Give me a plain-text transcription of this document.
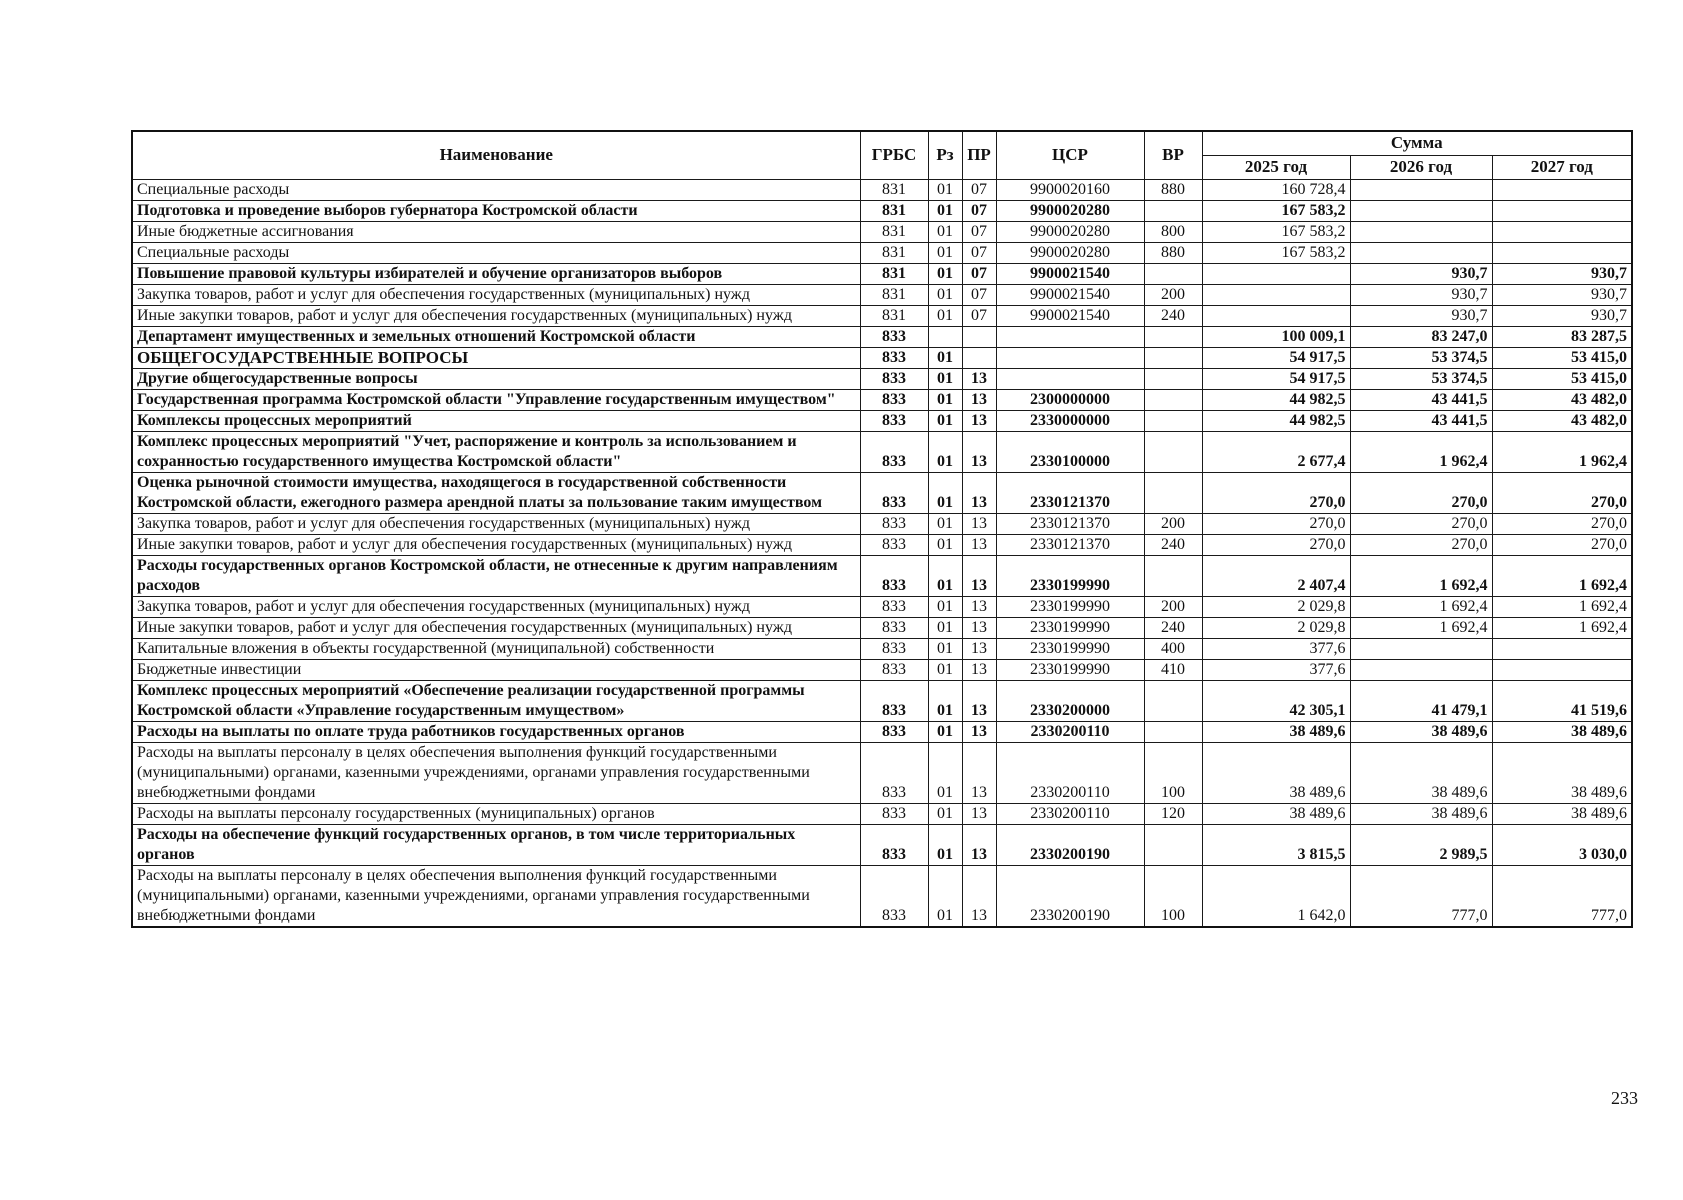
Наименование	ГРБС	Рз	ПР	ЦСР	ВР	Сумма		
						2025 год	2026 год	2027 год
Специальные расходы	831	01	07	9900020160	880	160 728,4		
Подготовка и проведение выборов губернатора Костромской области	831	01	07	9900020280		167 583,2		
Иные бюджетные ассигнования	831	01	07	9900020280	800	167 583,2		
Специальные расходы	831	01	07	9900020280	880	167 583,2		
Повышение правовой культуры избирателей и обучение организаторов выборов	831	01	07	9900021540			930,7	930,7
Закупка товаров, работ и услуг для обеспечения государственных (муниципальных) нужд	831	01	07	9900021540	200		930,7	930,7
Иные закупки товаров, работ и услуг для обеспечения государственных (муниципальных) нужд	831	01	07	9900021540	240		930,7	930,7
Департамент имущественных и земельных отношений Костромской области	833					100 009,1	83 247,0	83 287,5
ОБЩЕГОСУДАРСТВЕННЫЕ ВОПРОСЫ	833	01				54 917,5	53 374,5	53 415,0
Другие общегосударственные вопросы	833	01	13			54 917,5	53 374,5	53 415,0
Государственная программа Костромской области "Управление государственным имуществом"	833	01	13	2300000000		44 982,5	43 441,5	43 482,0
Комплексы процессных мероприятий	833	01	13	2330000000		44 982,5	43 441,5	43 482,0
Комплекс процессных мероприятий "Учет, распоряжение и контроль за использованием и сохранностью государственного имущества Костромской области"	833	01	13	2330100000		2 677,4	1 962,4	1 962,4
Оценка рыночной стоимости имущества, находящегося в государственной собственности Костромской области, ежегодного размера арендной платы за пользование таким имуществом	833	01	13	2330121370		270,0	270,0	270,0
Закупка товаров, работ и услуг для обеспечения государственных (муниципальных) нужд	833	01	13	2330121370	200	270,0	270,0	270,0
Иные закупки товаров, работ и услуг для обеспечения государственных (муниципальных) нужд	833	01	13	2330121370	240	270,0	270,0	270,0
Расходы государственных органов Костромской области, не отнесенные к другим направлениям расходов	833	01	13	2330199990		2 407,4	1 692,4	1 692,4
Закупка товаров, работ и услуг для обеспечения государственных (муниципальных) нужд	833	01	13	2330199990	200	2 029,8	1 692,4	1 692,4
Иные закупки товаров, работ и услуг для обеспечения государственных (муниципальных) нужд	833	01	13	2330199990	240	2 029,8	1 692,4	1 692,4
Капитальные вложения в объекты государственной (муниципальной) собственности	833	01	13	2330199990	400	377,6		
Бюджетные инвестиции	833	01	13	2330199990	410	377,6		
Комплекс процессных мероприятий «Обеспечение реализации государственной программы Костромской области «Управление государственным имуществом»	833	01	13	2330200000		42 305,1	41 479,1	41 519,6
Расходы на выплаты по оплате труда работников государственных органов	833	01	13	2330200110		38 489,6	38 489,6	38 489,6
Расходы на выплаты персоналу в целях обеспечения выполнения функций государственными (муниципальными) органами, казенными учреждениями, органами управления государственными внебюджетными фондами	833	01	13	2330200110	100	38 489,6	38 489,6	38 489,6
Расходы на выплаты персоналу государственных (муниципальных) органов	833	01	13	2330200110	120	38 489,6	38 489,6	38 489,6
Расходы на обеспечение функций государственных органов, в том числе территориальных органов	833	01	13	2330200190		3 815,5	2 989,5	3 030,0
Расходы на выплаты персоналу в целях обеспечения выполнения функций государственными (муниципальными) органами, казенными учреждениями, органами управления государственными внебюджетными фондами	833	01	13	2330200190	100	1 642,0	777,0	777,0
233
